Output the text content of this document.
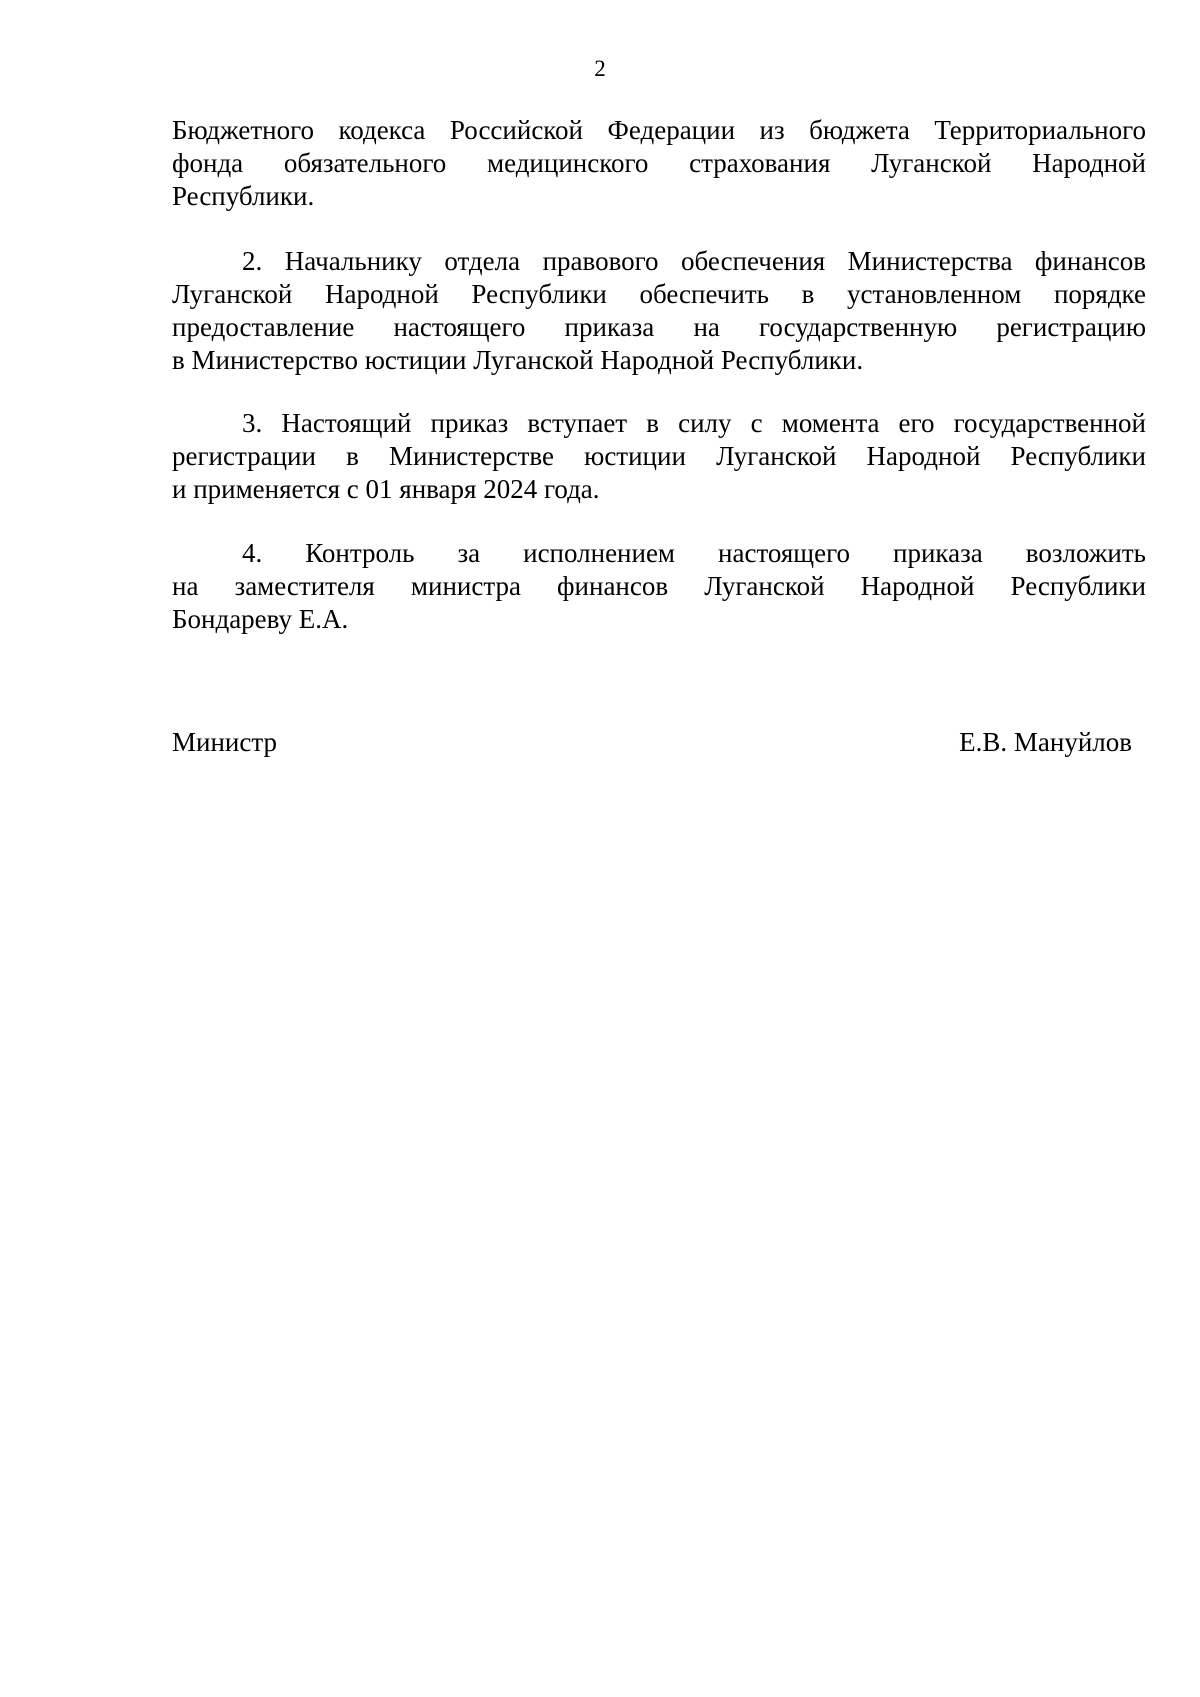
2
Бюджетного кодекса Российской Федерации из бюджета Территориального
фонда обязательного медицинского страхования Луганской Народной
Республики.
2. Начальнику отдела правового обеспечения Министерства финансов
Луганской Народной Республики обеспечить в установленном порядке
предоставление настоящего приказа на государственную регистрацию
в Министерство юстиции Луганской Народной Республики.
3. Настоящий приказ вступает в силу с момента его государственной
регистрации в Министерстве юстиции Луганской Народной Республики
и применяется с 01 января 2024 года.
4. Контроль за исполнением настоящего приказа возложить
на заместителя министра финансов Луганской Народной Республики
Бондареву Е.А.
Министр	Е.В. Мануйлов
